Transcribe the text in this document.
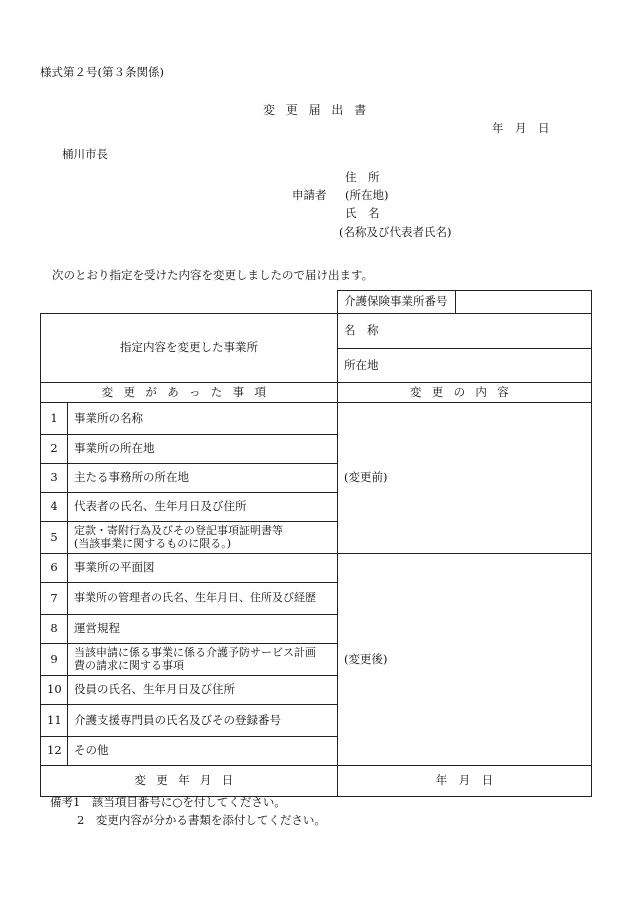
様式第２号(第３条関係)
変更届出書
年　月　日
桶川市長
住所
申請者 (所在地)
氏名
(名称及び代表者氏名)
次のとおり指定を受けた内容を変更しましたので届け出ます。
		介護保険事業所番号	
指定内容を変更した事業所		名　称	
		所在地	
変更があった事項		変更の内容	
1	事業所の名称	(変更前)	
2	事業所の所在地		
3	主たる事務所の所在地		
4	代表者の氏名、生年月日及び住所		
5	定款・寄附行為及びその登記事項証明書等
(当該事業に関するものに限る。)		

6	事業所の平面図	(変更後)	
7	事業所の管理者の氏名、生年月日、住所及び経歴		
8	運営規程		
9	当該申請に係る事業に係る介護予防サービス計画
費の請求に関する事項		

10	役員の氏名、生年月日及び住所		
11	介護支援専門員の氏名及びその登録番号		
12	その他		
変更年月日		年　月　日	
備考1　該当項目番号に○を付してください。
2　変更内容が分かる書類を添付してください。
